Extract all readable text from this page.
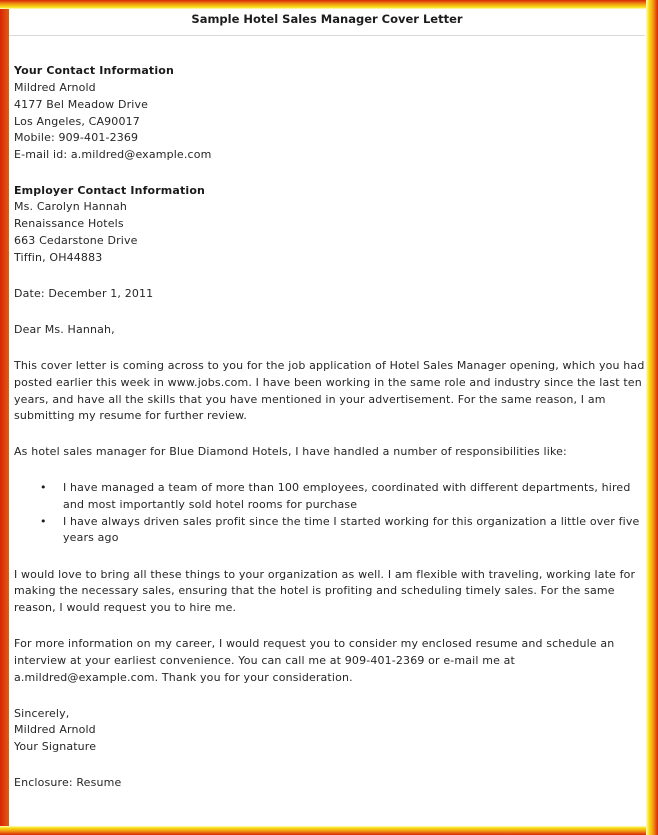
Sample Hotel Sales Manager Cover Letter
Your Contact Information
Mildred Arnold
4177 Bel Meadow Drive
Los Angeles, CA90017
Mobile: 909-401-2369
E-mail id: a.mildred@example.com
Employer Contact Information
Ms. Carolyn Hannah
Renaissance Hotels
663 Cedarstone Drive
Tiffin, OH44883
Date: December 1, 2011
Dear Ms. Hannah,
This cover letter is coming across to you for the job application of Hotel Sales Manager opening, which you had
posted earlier this week in www.jobs.com. I have been working in the same role and industry since the last ten
years, and have all the skills that you have mentioned in your advertisement. For the same reason, I am
submitting my resume for further review.
As hotel sales manager for Blue Diamond Hotels, I have handled a number of responsibilities like:
• I have managed a team of more than 100 employees, coordinated with different departments, hired
and most importantly sold hotel rooms for purchase
• I have always driven sales profit since the time I started working for this organization a little over five
years ago
I would love to bring all these things to your organization as well. I am flexible with traveling, working late for
making the necessary sales, ensuring that the hotel is profiting and scheduling timely sales. For the same
reason, I would request you to hire me.
For more information on my career, I would request you to consider my enclosed resume and schedule an
interview at your earliest convenience. You can call me at 909-401-2369 or e-mail me at
a.mildred@example.com. Thank you for your consideration.
Sincerely,
Mildred Arnold
Your Signature
Enclosure: Resume
